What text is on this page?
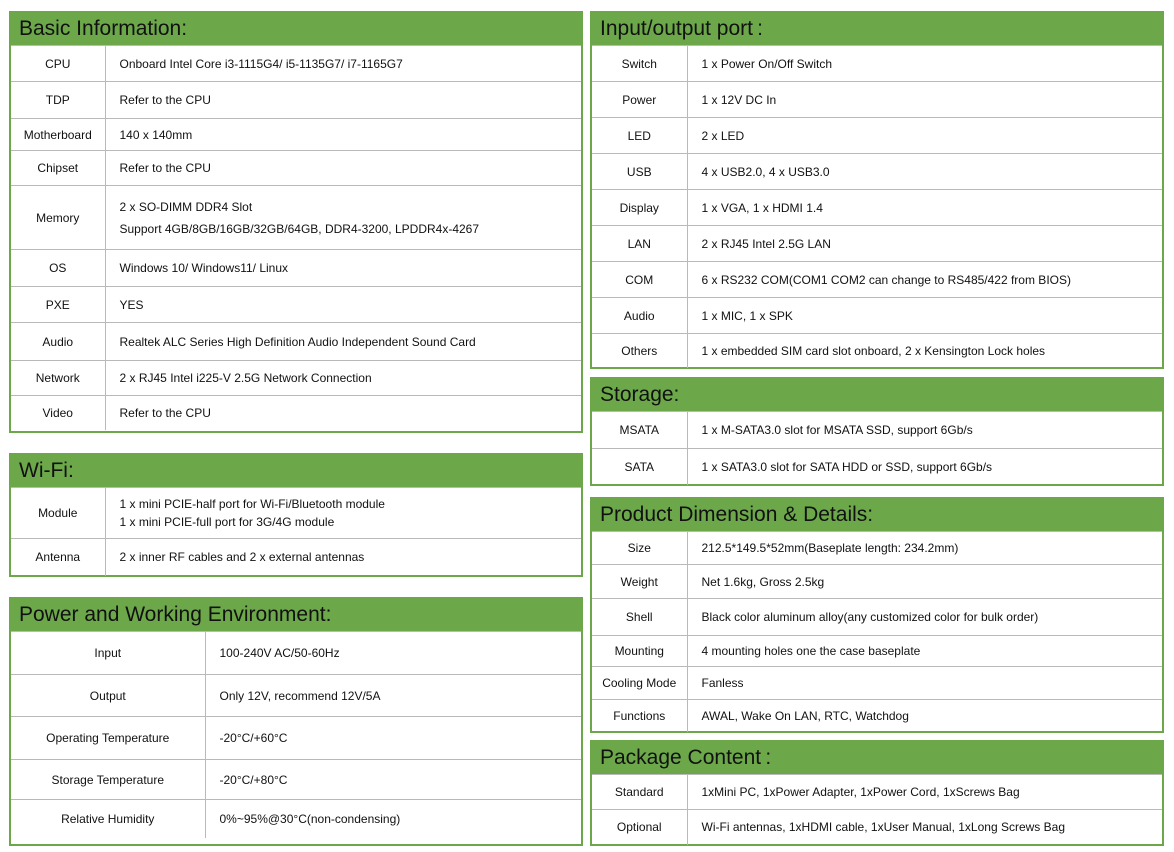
Basic Information:
CPU	Onboard Intel Core i3-1115G4/ i5-1135G7/ i7-1165G7

TDP	Refer to the CPU

Motherboard	140 x 140mm

Chipset	Refer to the CPU

Memory	2 x SO-DIMM DDR4 Slot
Support 4GB/8GB/16GB/32GB/64GB, DDR4-3200, LPDDR4x-4267

OS	Windows 10/ Windows11/ Linux

PXE	YES

Audio	Realtek ALC Series High Definition Audio Independent Sound Card

Network	2 x RJ45 Intel i225-V 2.5G Network Connection

Video	Refer to the CPU
Wi-Fi:
Module	1 x mini PCIE-half port for Wi-Fi/Bluetooth module
1 x mini PCIE-full port for 3G/4G module

Antenna	2 x inner RF cables and 2 x external antennas
Power and Working Environment:
Input	100-240V AC/50-60Hz

Output	Only 12V, recommend 12V/5A

Operating Temperature	-20°C/+60°C

Storage Temperature	-20°C/+80°C

Relative Humidity	0%~95%@30°C(non-condensing)
Input/output port :
Switch	1 x Power On/Off Switch

Power	1 x 12V DC In

LED	2 x LED

USB	4 x USB2.0, 4 x USB3.0

Display	1 x VGA, 1 x HDMI 1.4

LAN	2 x RJ45 Intel 2.5G LAN

COM	6 x RS232 COM(COM1 COM2 can change to RS485/422 from BIOS)

Audio	1 x MIC, 1 x SPK

Others	1 x embedded SIM card slot onboard, 2 x Kensington Lock holes
Storage:
MSATA	1 x M-SATA3.0 slot for MSATA SSD, support 6Gb/s

SATA	1 x SATA3.0 slot for SATA HDD or SSD, support 6Gb/s
Product Dimension & Details:
Size	212.5*149.5*52mm(Baseplate length: 234.2mm)

Weight	Net 1.6kg, Gross 2.5kg

Shell	Black color aluminum alloy(any customized color for bulk order)

Mounting	4 mounting holes one the case baseplate

Cooling Mode	Fanless

Functions	AWAL, Wake On LAN, RTC, Watchdog
Package Content :
Standard	1xMini PC, 1xPower Adapter, 1xPower Cord, 1xScrews Bag

Optional	Wi-Fi antennas, 1xHDMI cable, 1xUser Manual, 1xLong Screws Bag
